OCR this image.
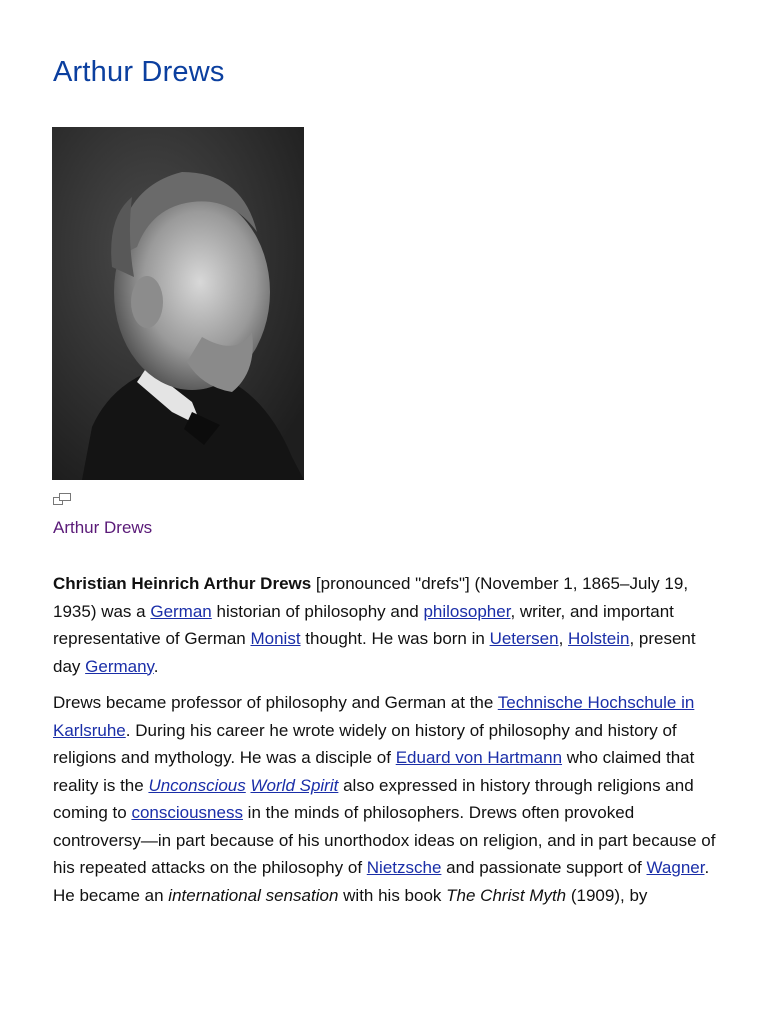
Arthur Drews
Arthur Drews

Christian Heinrich Arthur Drews [pronounced "drefs"] (November 1, 1865–July 19, 1935) was a German historian of philosophy and philosopher, writer, and important representative of German Monist thought. He was born in Uetersen, Holstein, present day Germany.

Drews became professor of philosophy and German at the Technische Hochschule in Karlsruhe. During his career he wrote widely on history of philosophy and history of religions and mythology. He was a disciple of Eduard von Hartmann who claimed that reality is the Unconscious World Spirit also expressed in history through religions and coming to consciousness in the minds of philosophers. Drews often provoked controversy—in part because of his unorthodox ideas on religion, and in part because of his repeated attacks on the philosophy of Nietzsche and passionate support of Wagner.

He became an international sensation with his book The Christ Myth (1909), by
